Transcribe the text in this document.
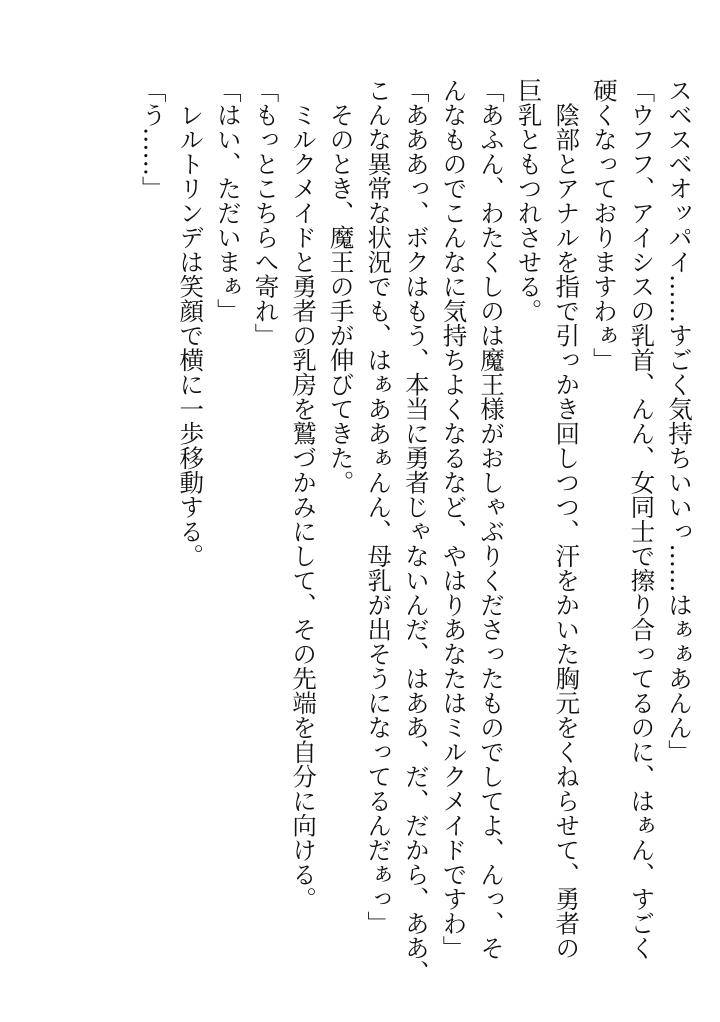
スベスベオッパイ……すごく気持ちいいっ……はぁぁあんん」

「ウフフ、アイシスの乳首、んん、女同士で擦り合ってるのに、はぁん、すごく

硬くなっておりますわぁ」

　陰部とアナルを指で引っかき回しつつ、汗をかいた胸元をくねらせて、勇者の

巨乳ともつれさせる。

「あふん、わたくしのは魔王様がおしゃぶりくださったものでしてよ、んっ、そ

んなものでこんなに気持ちよくなるなど、やはりあなたはミルクメイドですわ」

「あああっ、ボクはもう、本当に勇者じゃないんだ、はああ、だ、だから、ああ、

こんな異常な状況でも、はぁああぁんん、母乳が出そうになってるんだぁっ」

　そのとき、魔王の手が伸びてきた。

　ミルクメイドと勇者の乳房を鷲づかみにして、その先端を自分に向ける。

「もっとこちらへ寄れ」

「はい、ただいまぁ」

　レルトリンデは笑顔で横に一歩移動する。

「う……」
